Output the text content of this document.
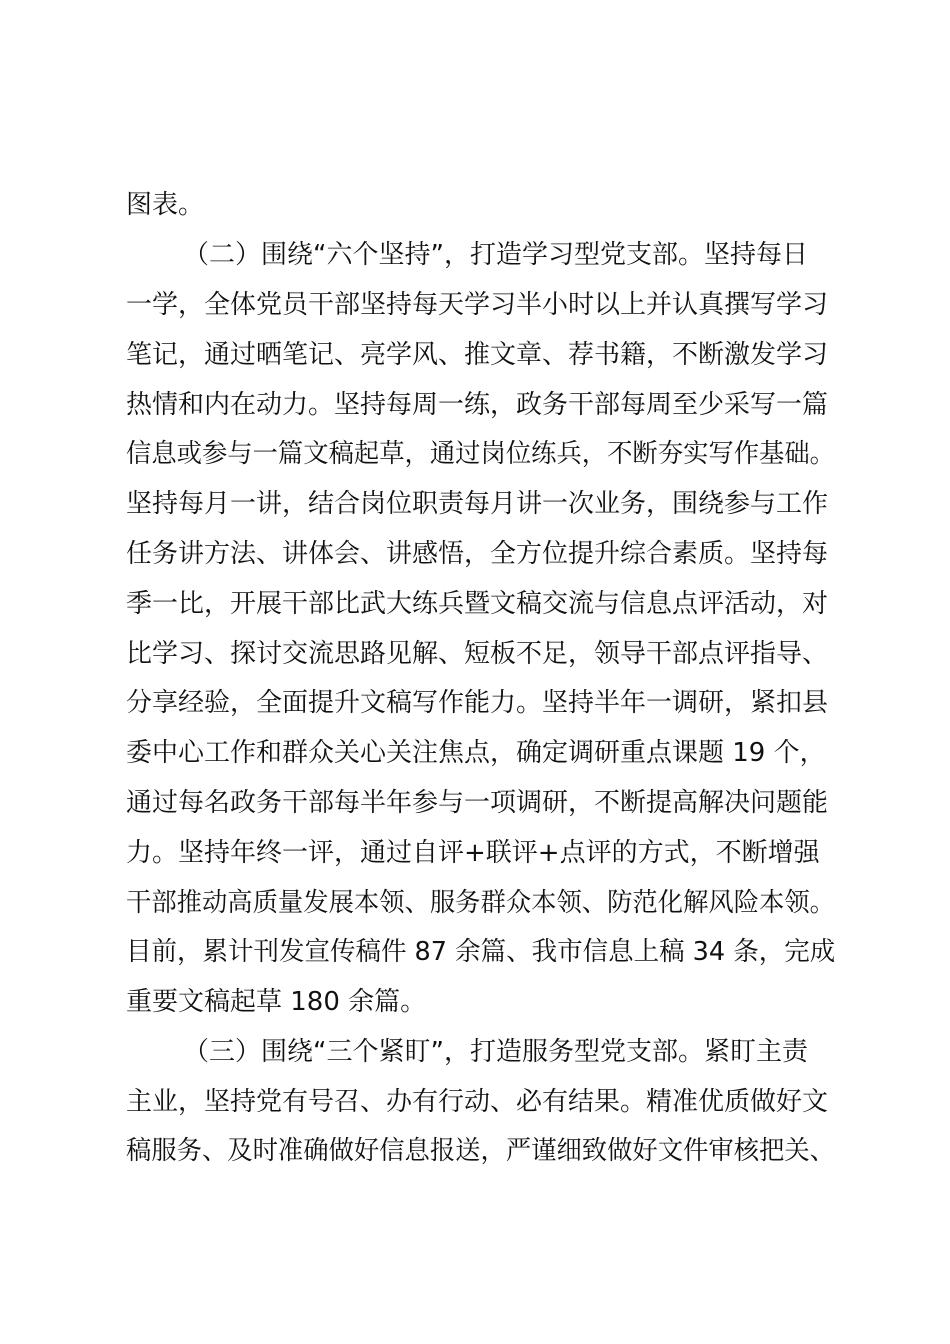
图表。
（二）围绕“六个坚持”，打造学习型党支部。坚持每日
一学，全体党员干部坚持每天学习半小时以上并认真撰写学习
笔记，通过晒笔记、亮学风、推文章、荐书籍，不断激发学习
热情和内在动力。坚持每周一练，政务干部每周至少采写一篇
信息或参与一篇文稿起草，通过岗位练兵，不断夯实写作基础。
坚持每月一讲，结合岗位职责每月讲一次业务，围绕参与工作
任务讲方法、讲体会、讲感悟，全方位提升综合素质。坚持每
季一比，开展干部比武大练兵暨文稿交流与信息点评活动，对
比学习、探讨交流思路见解、短板不足，领导干部点评指导、
分享经验，全面提升文稿写作能力。坚持半年一调研，紧扣县
委中心工作和群众关心关注焦点，确定调研重点课题 19 个，
通过每名政务干部每半年参与一项调研，不断提高解决问题能
力。坚持年终一评，通过自评+联评+点评的方式，不断增强
干部推动高质量发展本领、服务群众本领、防范化解风险本领。
目前，累计刊发宣传稿件 87 余篇、我市信息上稿 34 条，完成
重要文稿起草 180 余篇。
（三）围绕“三个紧盯”，打造服务型党支部。紧盯主责
主业，坚持党有号召、办有行动、必有结果。精准优质做好文
稿服务、及时准确做好信息报送，严谨细致做好文件审核把关、
